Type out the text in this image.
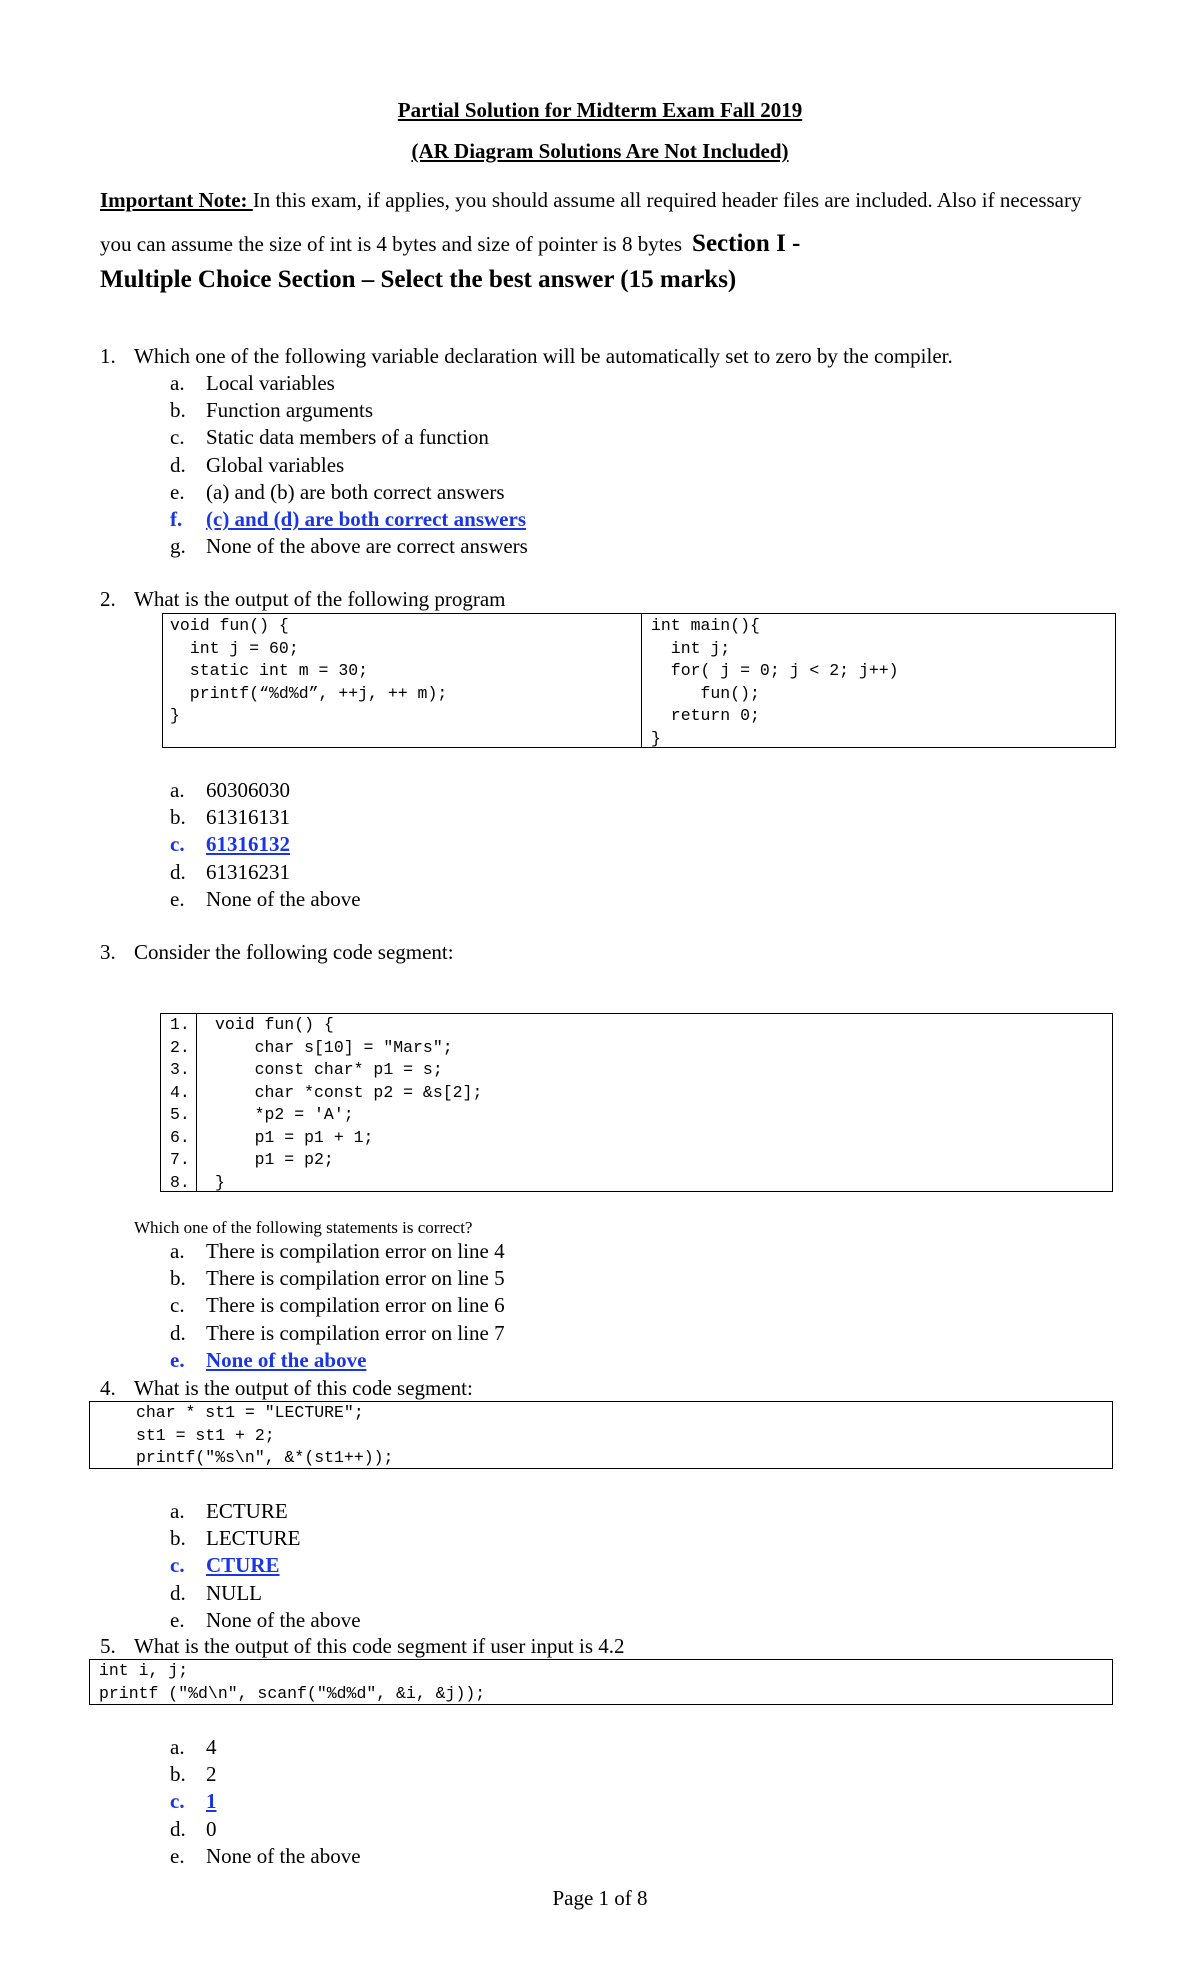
Partial Solution for Midterm Exam Fall 2019
(AR Diagram Solutions Are Not Included)
Important Note: In this exam, if applies, you should assume all required header files are included. Also if necessary you can assume the size of int is 4 bytes and size of pointer is 8 bytes Section I -
Multiple Choice Section – Select the best answer (15 marks)
1. Which one of the following variable declaration will be automatically set to zero by the compiler.
a. Local variables
b. Function arguments
c. Static data members of a function
d. Global variables
e. (a) and (b) are both correct answers
f. (c) and (d) are both correct answers
g. None of the above are correct answers
2. What is the output of the following program
void fun() {
int j = 60;
static int m = 30;
printf(“%d%d”, ++j, ++ m);
}
int main(){
int j;
for( j = 0; j < 2; j++)
fun();
return 0;
}
a. 60306030
b. 61316131
c. 61316132
d. 61316231
e. None of the above
3. Consider the following code segment:
1.
2.
3.
4.
5.
6.
7.
8.
void fun() {
char s[10] = "Mars";
const char* p1 = s;
char *const p2 = &s[2];
*p2 = 'A';
p1 = p1 + 1;
p1 = p2;
}
Which one of the following statements is correct?
a. There is compilation error on line 4
b. There is compilation error on line 5
c. There is compilation error on line 6
d. There is compilation error on line 7
e. None of the above
4. What is the output of this code segment:
char * st1 = "LECTURE";
st1 = st1 + 2;
printf("%s\n", &*(st1++));
a. ECTURE
b. LECTURE
c. CTURE
d. NULL
e. None of the above
5. What is the output of this code segment if user input is 4.2
int i, j;
printf ("%d\n", scanf("%d%d", &i, &j));
a. 4
b. 2
c. 1
d. 0
e. None of the above
Page 1 of 8
